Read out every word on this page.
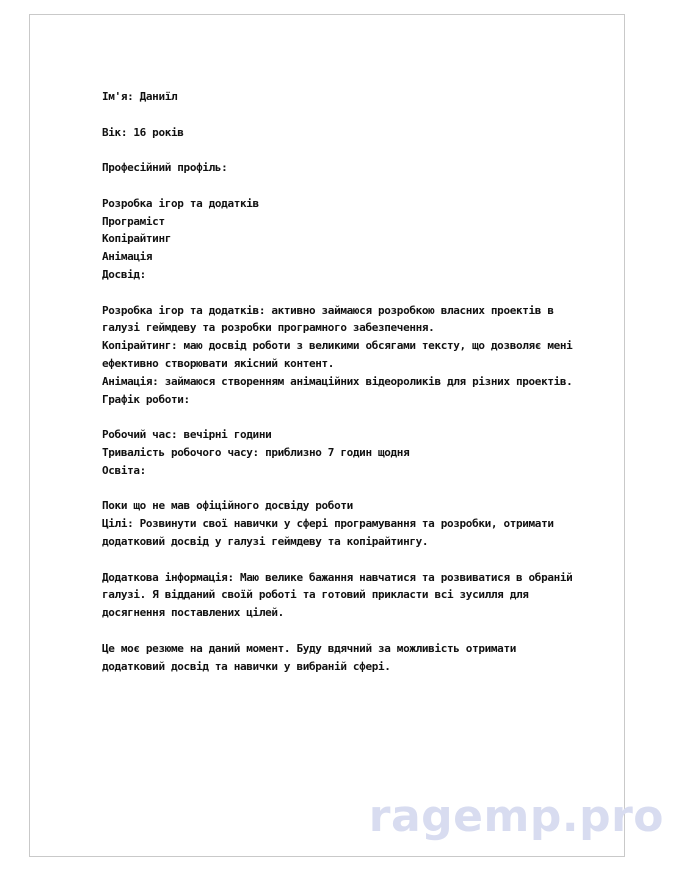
Ім'я: Даниїл

Вік: 16 років

Професійний профіль:

Розробка ігор та додатків

Програміст

Копірайтинг

Анімація

Досвід:

Розробка ігор та додатків: активно займаюся розробкою власних проектів в

галузі геймдеву та розробки програмного забезпечення.

Копірайтинг: маю досвід роботи з великими обсягами тексту, що дозволяє мені

ефективно створювати якісний контент.

Анімація: займаюся створенням анімаційних відеороликів для різних проектів.

Графік роботи:

Робочий час: вечірні години

Тривалість робочого часу: приблизно 7 годин щодня

Освіта:

Поки що не мав офіційного досвіду роботи

Цілі: Розвинути свої навички у сфері програмування та розробки, отримати

додатковий досвід у галузі геймдеву та копірайтингу.

Додаткова інформація: Маю велике бажання навчатися та розвиватися в обраній

галузі. Я відданий своїй роботі та готовий прикласти всі зусилля для

досягнення поставлених цілей.

Це моє резюме на даний момент. Буду вдячний за можливість отримати

додатковий досвід та навички у вибраній сфері.

ragemp.pro
